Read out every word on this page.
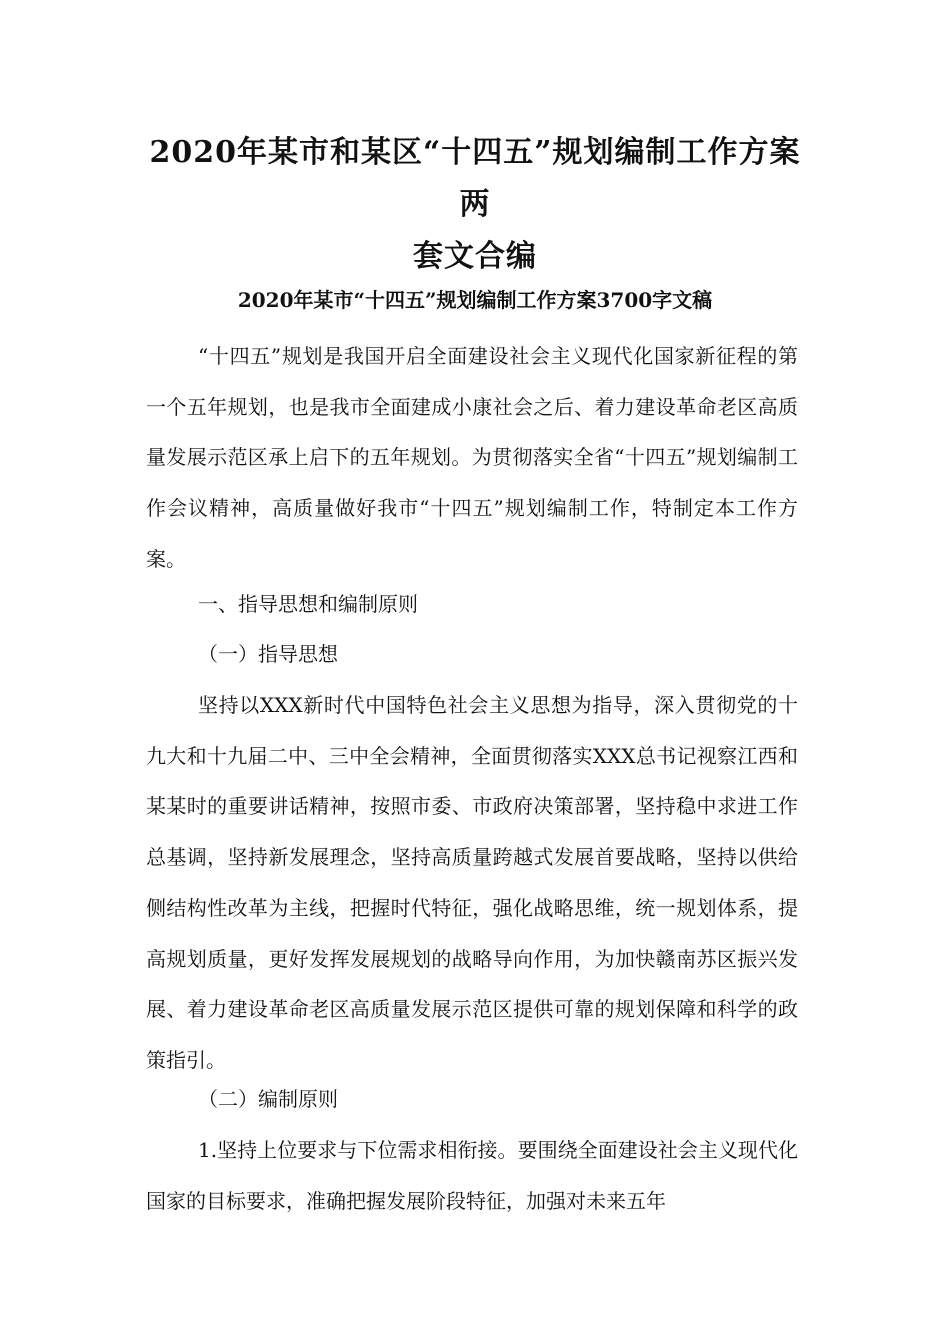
2020年某市和某区“十四五”规划编制工作方案两
套文合编
2020年某市“十四五”规划编制工作方案3700字文稿

“十四五”规划是我国开启全面建设社会主义现代化国家新征程的第一个五年规划，也是我市全面建成小康社会之后、着力建设革命老区高质量发展示范区承上启下的五年规划。为贯彻落实全省“十四五”规划编制工作会议精神，高质量做好我市“十四五”规划编制工作，特制定本工作方案。

一、指导思想和编制原则

（一）指导思想

坚持以XXX新时代中国特色社会主义思想为指导，深入贯彻党的十九大和十九届二中、三中全会精神，全面贯彻落实XXX总书记视察江西和某某时的重要讲话精神，按照市委、市政府决策部署，坚持稳中求进工作总基调，坚持新发展理念，坚持高质量跨越式发展首要战略，坚持以供给侧结构性改革为主线，把握时代特征，强化战略思维，统一规划体系，提高规划质量，更好发挥发展规划的战略导向作用，为加快赣南苏区振兴发展、着力建设革命老区高质量发展示范区提供可靠的规划保障和科学的政策指引。

（二）编制原则

1.坚持上位要求与下位需求相衔接。要围绕全面建设社会主义现代化国家的目标要求，准确把握发展阶段特征，加强对未来五年
